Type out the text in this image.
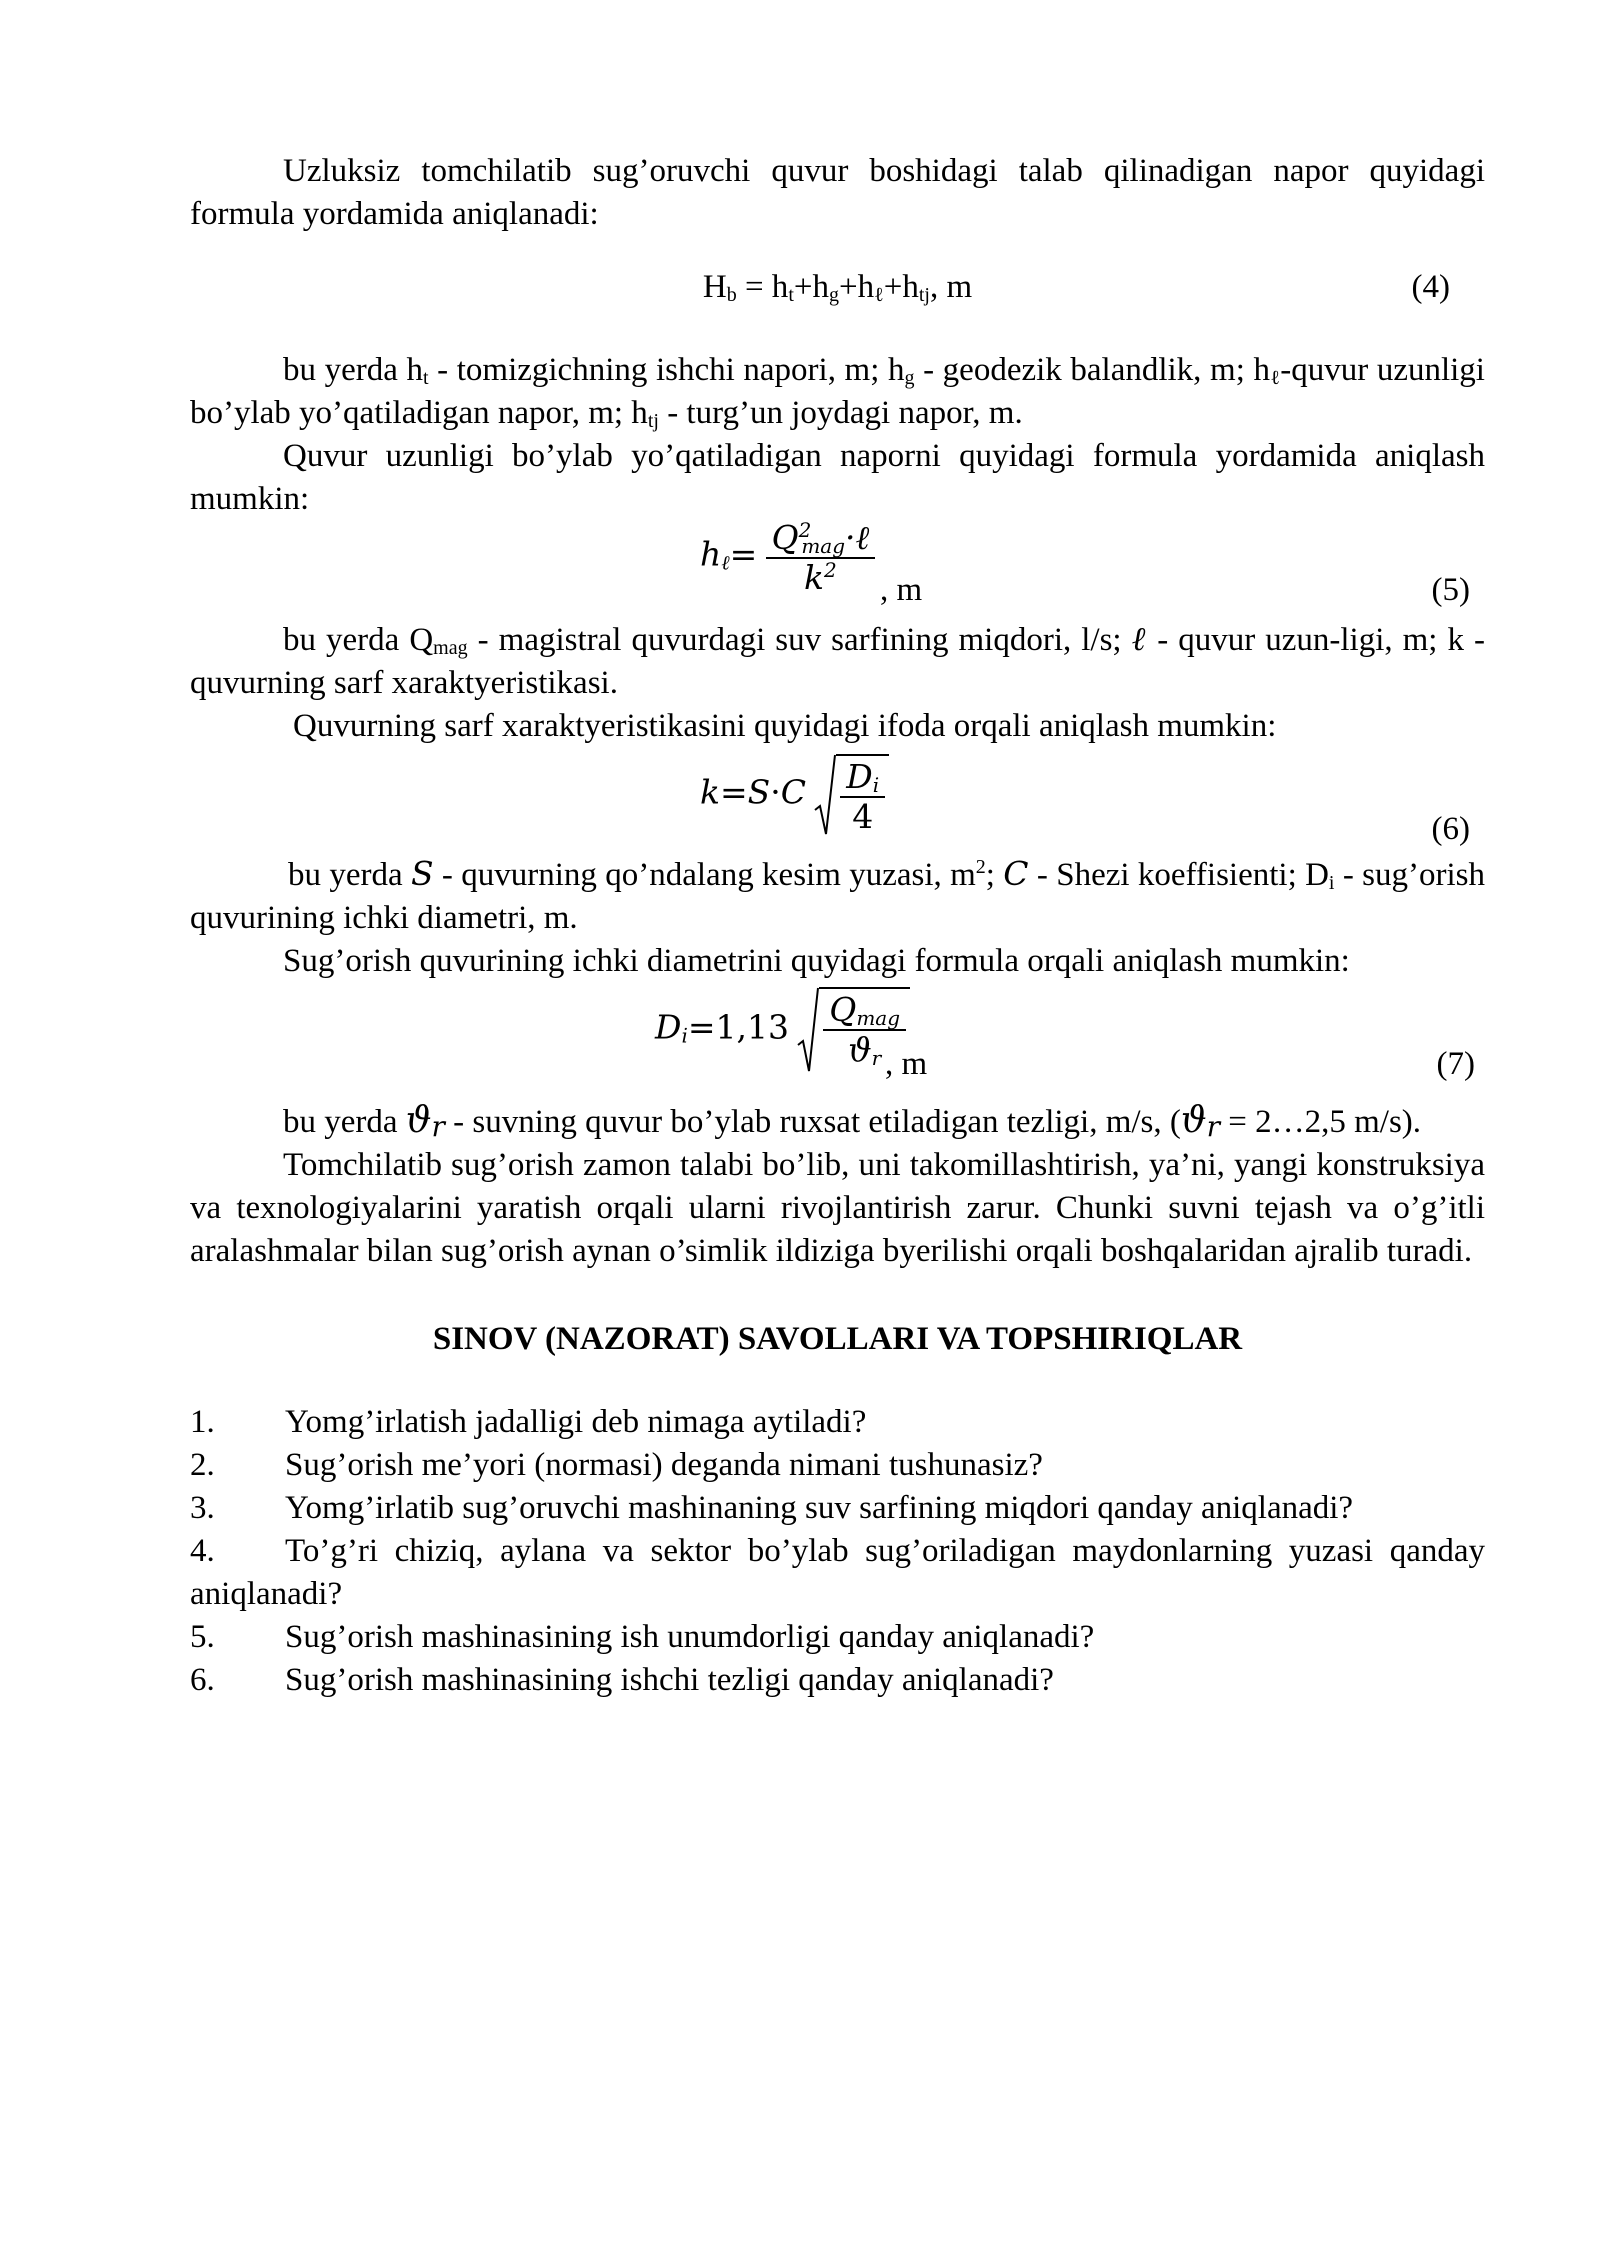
Uzluksiz tomchilatib sug’oruvchi quvur boshidagi talab qilinadigan napor quyidagi formula yordamida aniqlanadi:

$H_b = h_t+h_g+h_\ell+h_{tj}$, m	(4)

bu yerda $h_t$ - tomizgichning ishchi napori, m; $h_g$ - geodezik balandlik, m; $h_\ell$-quvur uzunligi bo’ylab yo’qatiladigan napor, m; $h_{tj}$ - turg’un joydagi napor, m.

Quvur uzunligi bo’ylab yo’qatiladigan naporni quyidagi formula yordamida aniqlash mumkin:

$h_\ell= \frac{Q^2_{mag}\cdot\ell}{k^2}$ , m	(5)

bu yerda $Q_{mag}$ - magistral quvurdagi suv sarfining miqdori, l/s; ℓ - quvur uzun-ligi, m; k - quvurning sarf xaraktyeristikasi.

Quvurning sarf xaraktyeristikasini quyidagi ifoda orqali aniqlash mumkin:

$k=S\cdot C \frac{D_i}{4}$	(6)

bu yerda S - quvurning qo’ndalang kesim yuzasi, $m^2$; C - Shezi koeffisienti; $D_i$ - sug’orish quvurining ichki diametri, m.

Sug’orish quvurining ichki diametrini quyidagi formula orqali aniqlash mumkin:

$D_i=1,13 \frac{Q_{mag}}{ϑ_r}$
, m	(7)

bu yerda ϑr - suvning quvur bo’ylab ruxsat etiladigan tezligi, m/s, (ϑr = 2…2,5 m/s).

Tomchilatib sug’orish zamon talabi bo’lib, uni takomillashtirish, ya’ni, yangi konstruksiya va texnologiyalarini yaratish orqali ularni rivojlantirish zarur. Chunki suvni tejash va o’g’itli aralashmalar bilan sug’orish aynan o’simlik ildiziga byerilishi orqali boshqalaridan ajralib turadi.

SINOV (NAZORAT) SAVOLLARI VA TOPSHIRIQLAR
1.	Yomg’irlatish jadalligi deb nimaga aytiladi?
2.	Sug’orish me’yori (normasi) deganda nimani tushunasiz?

3. Yomg’irlatib sug’oruvchi mashinaning suv sarfining miqdori qanday aniqlanadi?

4. To’g’ri chiziq, aylana va sektor bo’ylab sug’oriladigan maydonlarning yuzasi qanday aniqlanadi?

5.	Sug’orish mashinasining ish unumdorligi qanday aniqlanadi?
6.	Sug’orish mashinasining ishchi tezligi qanday aniqlanadi?
